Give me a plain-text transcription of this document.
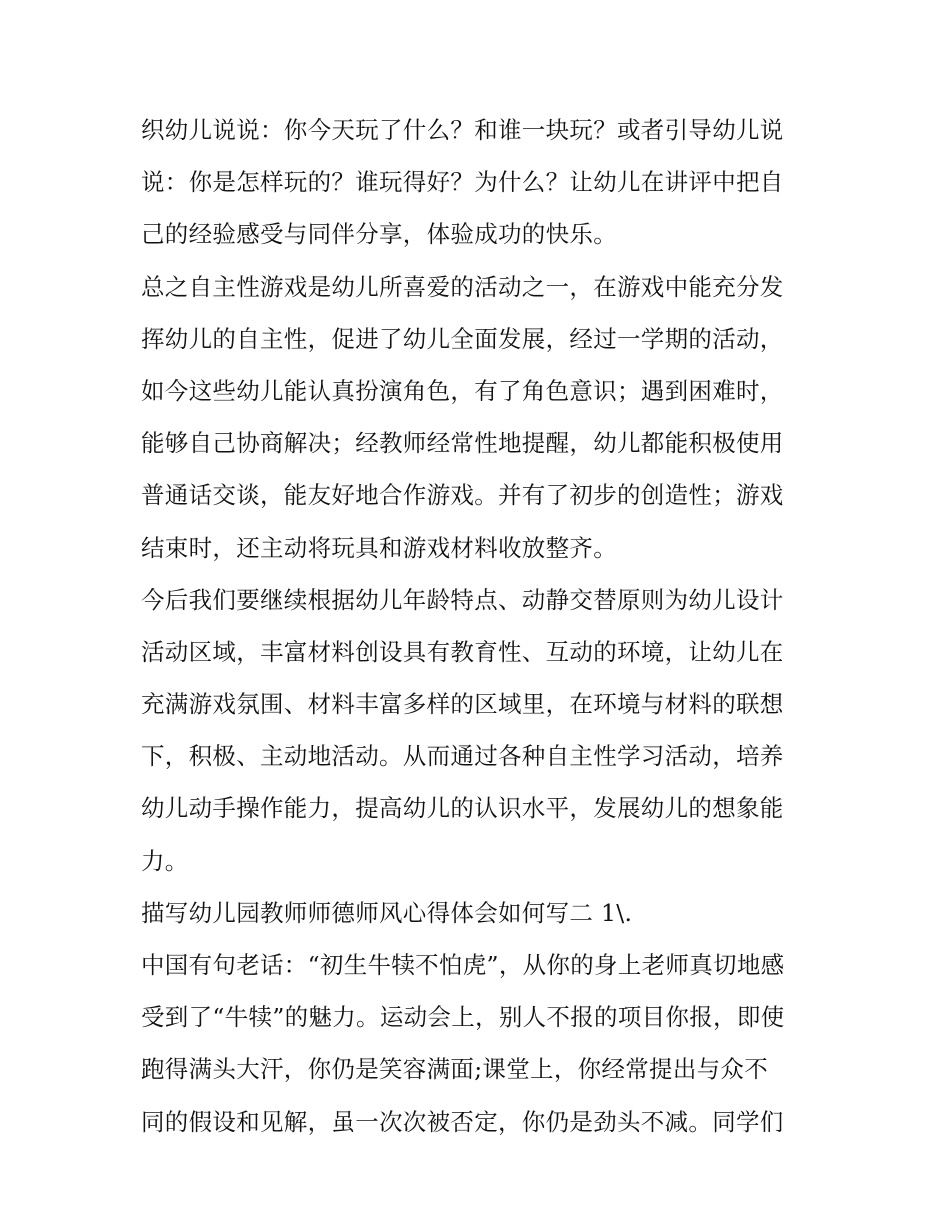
织幼儿说说：你今天玩了什么？和谁一块玩？或者引导幼儿说
说：你是怎样玩的？谁玩得好？为什么？让幼儿在讲评中把自
己的经验感受与同伴分享，体验成功的快乐。
总之自主性游戏是幼儿所喜爱的活动之一，在游戏中能充分发
挥幼儿的自主性，促进了幼儿全面发展，经过一学期的活动，
如今这些幼儿能认真扮演角色，有了角色意识；遇到困难时，
能够自己协商解决；经教师经常性地提醒，幼儿都能积极使用
普通话交谈，能友好地合作游戏。并有了初步的创造性；游戏
结束时，还主动将玩具和游戏材料收放整齐。
今后我们要继续根据幼儿年龄特点、动静交替原则为幼儿设计
活动区域，丰富材料创设具有教育性、互动的环境，让幼儿在
充满游戏氛围、材料丰富多样的区域里，在环境与材料的联想
下，积极、主动地活动。从而通过各种自主性学习活动，培养
幼儿动手操作能力，提高幼儿的认识水平，发展幼儿的想象能
力。
描写幼儿园教师师德师风心得体会如何写二 1\.
中国有句老话：“初生牛犊不怕虎”，从你的身上老师真切地感
受到了“牛犊”的魅力。运动会上，别人不报的项目你报，即使
跑得满头大汗，你仍是笑容满面;课堂上，你经常提出与众不
同的假设和见解，虽一次次被否定，你仍是劲头不减。同学们
